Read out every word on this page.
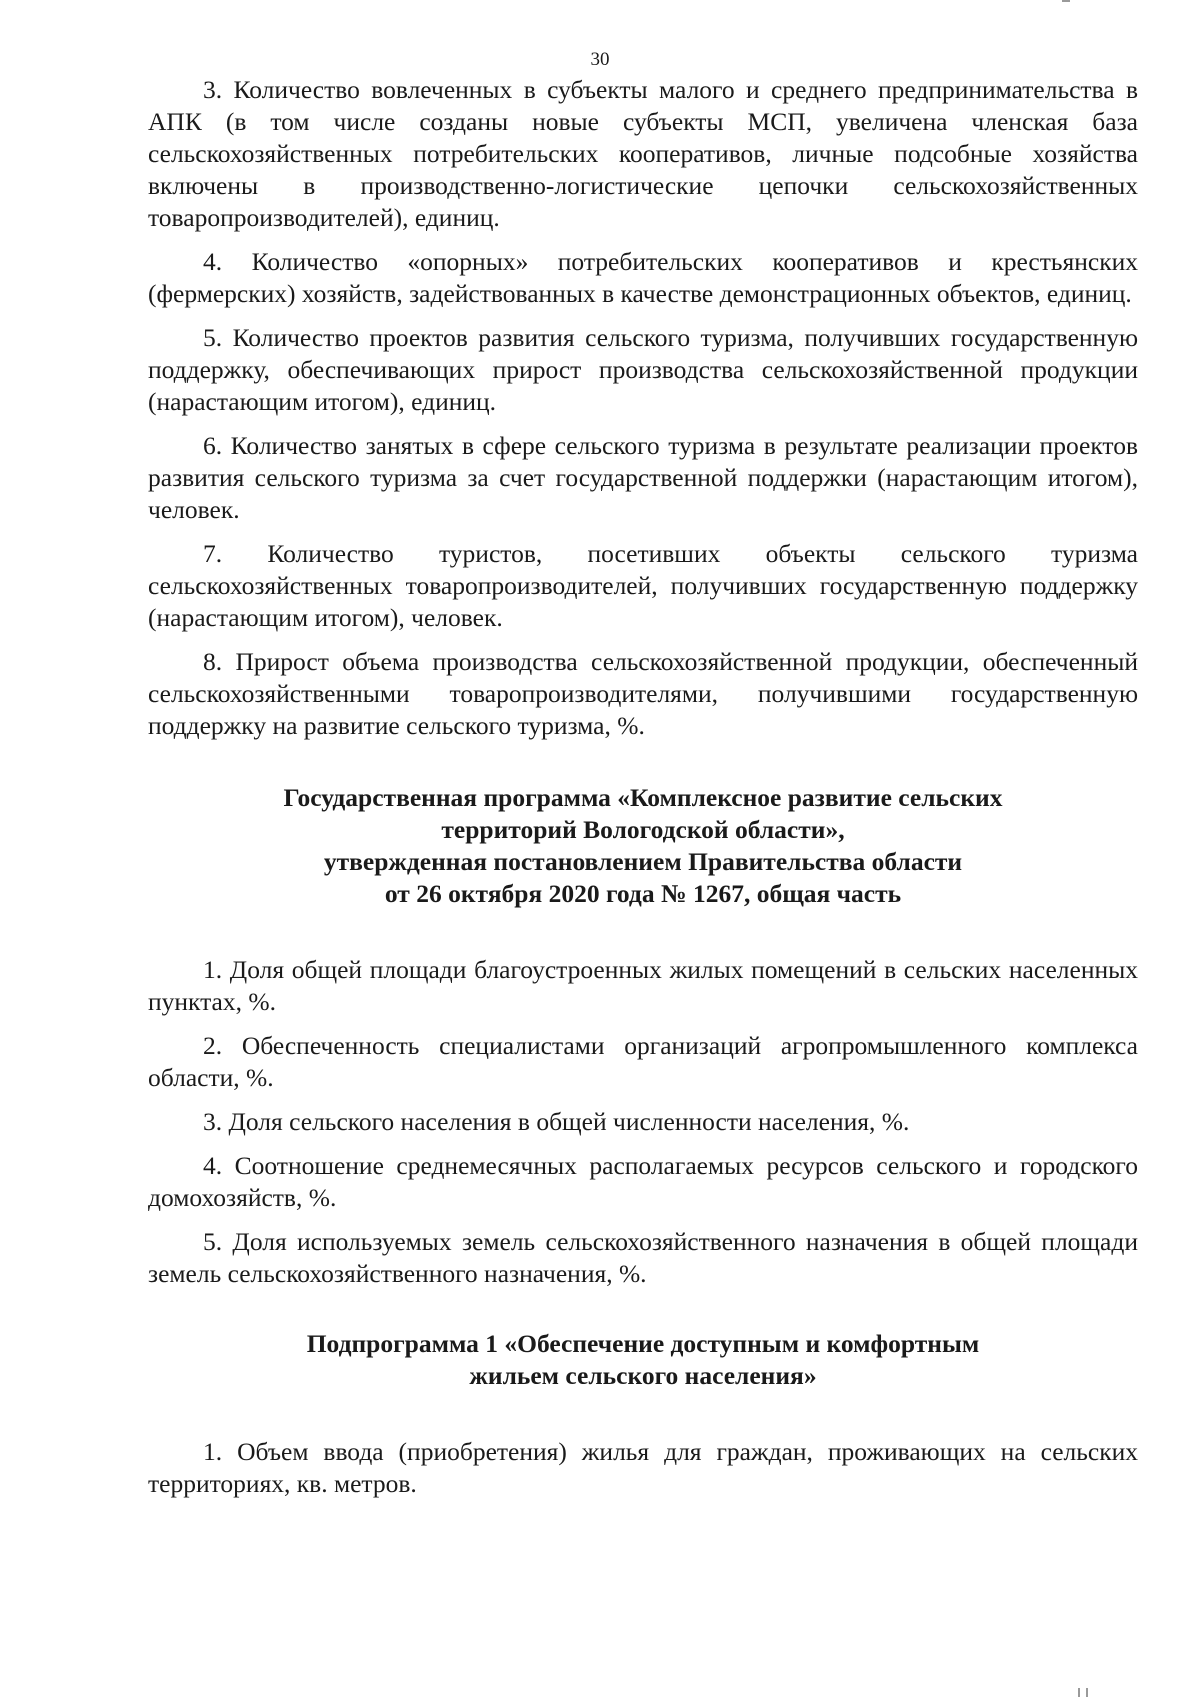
30

3. Количество вовлеченных в субъекты малого и среднего предпринимательства в АПК (в том числе созданы новые субъекты МСП, увеличена членская база сельскохозяйственных потребительских кооперативов, личные подсобные хозяйства включены в производственно-логистические цепочки сельскохозяйственных товаропроизводителей), единиц.

4. Количество «опорных» потребительских кооперативов и крестьянских (фермерских) хозяйств, задействованных в качестве демонстрационных объектов, единиц.

5. Количество проектов развития сельского туризма, получивших государственную поддержку, обеспечивающих прирост производства сельскохозяйственной продукции (нарастающим итогом), единиц.

6. Количество занятых в сфере сельского туризма в результате реализации проектов развития сельского туризма за счет государственной поддержки (нарастающим итогом), человек.

7. Количество туристов, посетивших объекты сельского туризма сельскохозяйственных товаропроизводителей, получивших государственную поддержку (нарастающим итогом), человек.

8. Прирост объема производства сельскохозяйственной продукции, обеспеченный сельскохозяйственными товаропроизводителями, получившими государственную поддержку на развитие сельского туризма, %.

Государственная программа «Комплексное развитие сельских

территорий Вологодской области»,

утвержденная постановлением Правительства области

от 26 октября 2020 года № 1267, общая часть

1. Доля общей площади благоустроенных жилых помещений в сельских населенных пунктах, %.

2. Обеспеченность специалистами организаций агропромышленного комплекса области, %.

3. Доля сельского населения в общей численности населения, %.

4. Соотношение среднемесячных располагаемых ресурсов сельского и городского домохозяйств, %.

5. Доля используемых земель сельскохозяйственного назначения в общей площади земель сельскохозяйственного назначения, %.

Подпрограмма 1 «Обеспечение доступным и комфортным

жильем сельского населения»

1. Объем ввода (приобретения) жилья для граждан, проживающих на сельских территориях, кв. метров.
